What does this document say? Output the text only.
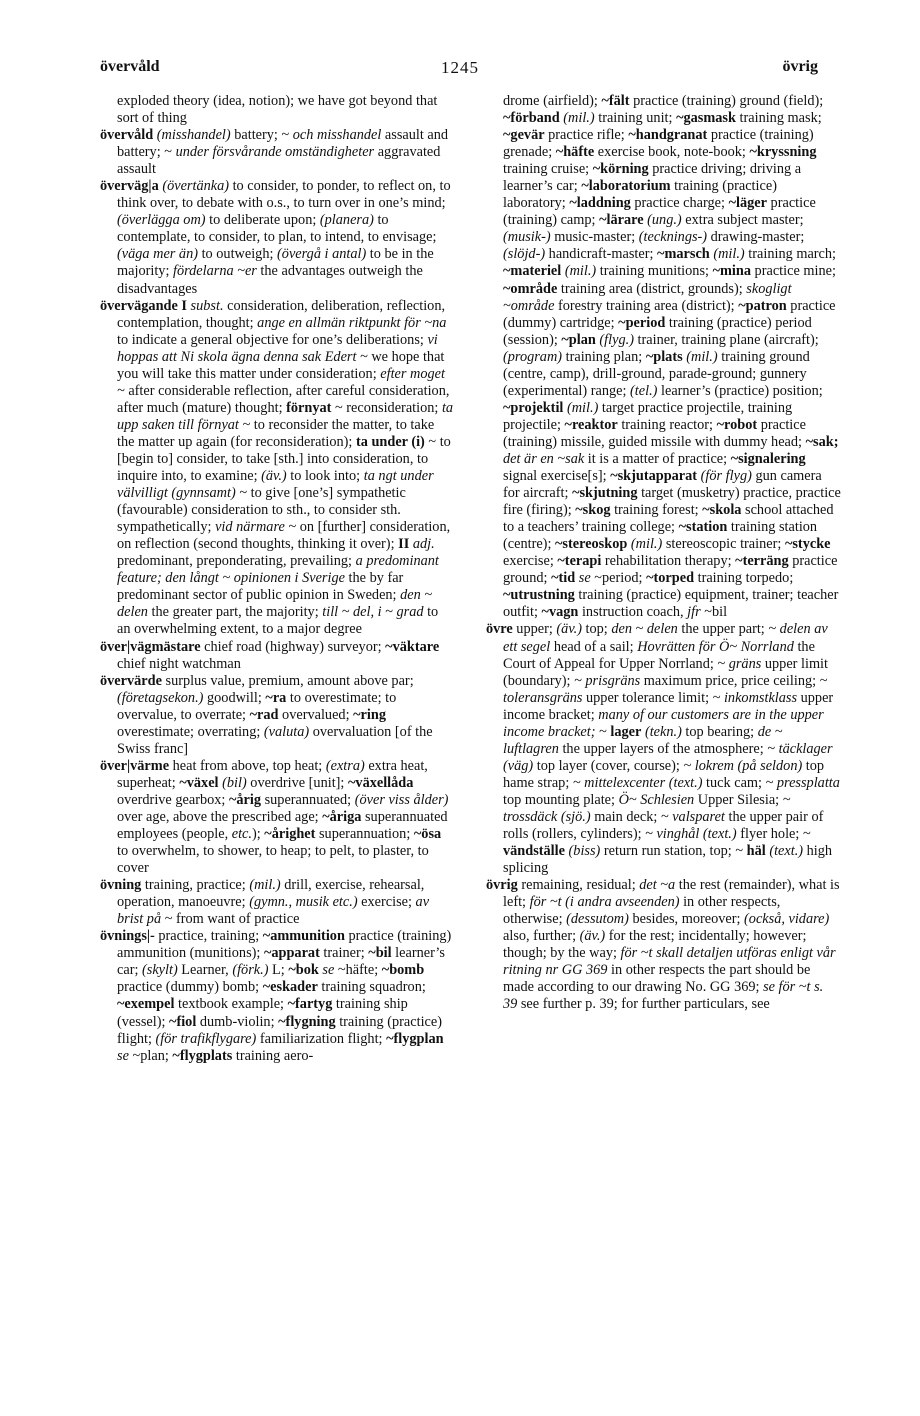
övervåld	1245	övrig

exploded theory (idea, notion); we have got beyond that sort of thing

övervåld (misshandel) battery; ~ och misshandel assault and battery; ~ under försvårande omständigheter aggravated assault

överväg|a (övertänka) to consider, to ponder, to reflect on, to think over, to debate with o.s., to turn over in one’s mind; (överlägga om) to deliberate upon; (planera) to contemplate, to consider, to plan, to intend, to envisage; (väga mer än) to outweigh; (övergå i antal) to be in the majority; fördelarna ~er the advantages outweigh the disadvantages

övervägande I subst. consideration, deliberation, reflection, contemplation, thought; ange en allmän riktpunkt för ~na to indicate a general objective for one’s deliberations; vi hoppas att Ni skola ägna denna sak Edert ~ we hope that you will take this matter under consideration; efter moget ~ after considerable reflection, after careful consideration, after much (mature) thought; förnyat ~ reconsideration; ta upp saken till förnyat ~ to reconsider the matter, to take the matter up again (for reconsideration); ta under (i) ~ to [begin to] consider, to take [sth.] into consideration, to inquire into, to examine; (äv.) to look into; ta ngt under välvilligt (gynnsamt) ~ to give [one’s] sympathetic (favourable) consideration to sth., to consider sth. sympathetically; vid närmare ~ on [further] consideration, on reflection (second thoughts, thinking it over); II adj. predominant, preponderating, prevailing; a predominant feature; den långt ~ opinionen i Sverige the by far predominant sector of public opinion in Sweden; den ~ delen the greater part, the majority; till ~ del, i ~ grad to an overwhelming extent, to a major degree

över|vägmästare chief road (highway) surveyor; ~väktare chief night watchman

övervärde surplus value, premium, amount above par; (företagsekon.) goodwill; ~ra to overestimate; to overvalue, to overrate; ~rad overvalued; ~ring overestimate; overrating; (valuta) overvaluation [of the Swiss franc]

över|värme heat from above, top heat; (extra) extra heat, superheat; ~växel (bil) overdrive [unit]; ~växellåda overdrive gearbox; ~årig superannuated; (över viss ålder) over age, above the prescribed age; ~åriga superannuated employees (people, etc.); ~årighet superannuation; ~ösa to overwhelm, to shower, to heap; to pelt, to plaster, to cover

övning training, practice; (mil.) drill, exercise, rehearsal, operation, manoeuvre; (gymn., musik etc.) exercise; av brist på ~ from want of practice

övnings|- practice, training; ~ammunition practice (training) ammunition (munitions); ~apparat trainer; ~bil learner’s car; (skylt) Learner, (förk.) L; ~bok se ~häfte; ~bomb practice (dummy) bomb; ~eskader training squadron; ~exempel textbook example; ~fartyg training ship (vessel); ~fiol dumb-violin; ~flygning training (practice) flight; (för trafikflygare) familiarization flight; ~flygplan se ~plan; ~flygplats training aero-

drome (airfield); ~fält practice (training) ground (field); ~förband (mil.) training unit; ~gasmask training mask; ~gevär practice rifle; ~handgranat practice (training) grenade; ~häfte exercise book, note-book; ~kryssning training cruise; ~körning practice driving; driving a learner’s car; ~laboratorium training (practice) laboratory; ~laddning practice charge; ~läger practice (training) camp; ~lärare (ung.) extra subject master; (musik-) music-master; (tecknings-) drawing-master; (slöjd-) handicraft-master; ~marsch (mil.) training march; ~materiel (mil.) training munitions; ~mina practice mine; ~område training area (district, grounds); skogligt ~område forestry training area (district); ~patron practice (dummy) cartridge; ~period training (practice) period (session); ~plan (flyg.) trainer, training plane (aircraft); (program) training plan; ~plats (mil.) training ground (centre, camp), drill-ground, parade-ground; gunnery (experimental) range; (tel.) learner’s (practice) position; ~projektil (mil.) target practice projectile, training projectile; ~reaktor training reactor; ~robot practice (training) missile, guided missile with dummy head; ~sak; det är en ~sak it is a matter of practice; ~signalering signal exercise[s]; ~skjutapparat (för flyg) gun camera for aircraft; ~skjutning target (musketry) practice, practice fire (firing); ~skog training forest; ~skola school attached to a teachers’ training college; ~station training station (centre); ~stereoskop (mil.) stereoscopic trainer; ~stycke exercise; ~terapi rehabilitation therapy; ~terräng practice ground; ~tid se ~period; ~torped training torpedo; ~utrustning training (practice) equipment, trainer; teacher outfit; ~vagn instruction coach, jfr ~bil

övre upper; (äv.) top; den ~ delen the upper part; ~ delen av ett segel head of a sail; Hovrätten för Ö~ Norrland the Court of Appeal for Upper Norrland; ~ gräns upper limit (boundary); ~ prisgräns maximum price, price ceiling; ~ toleransgräns upper tolerance limit; ~ inkomstklass upper income bracket; many of our customers are in the upper income bracket; ~ lager (tekn.) top bearing; de ~ luftlagren the upper layers of the atmosphere; ~ täcklager (väg) top layer (cover, course); ~ lokrem (på seldon) top hame strap; ~ mittelexcenter (text.) tuck cam; ~ pressplatta top mounting plate; Ö~ Schlesien Upper Silesia; ~ trossdäck (sjö.) main deck; ~ valsparet the upper pair of rolls (rollers, cylinders); ~ vinghål (text.) flyer hole; ~ vändställe (biss) return run station, top; ~ häl (text.) high splicing

övrig remaining, residual; det ~a the rest (remainder), what is left; för ~t (i andra avseenden) in other respects, otherwise; (dessutom) besides, moreover; (också, vidare) also, further; (äv.) for the rest; incidentally; however; though; by the way; för ~t skall detaljen utföras enligt vår ritning nr GG 369 in other respects the part should be made according to our drawing No. GG 369; se för ~t s. 39 see further p. 39; for further particulars, see
